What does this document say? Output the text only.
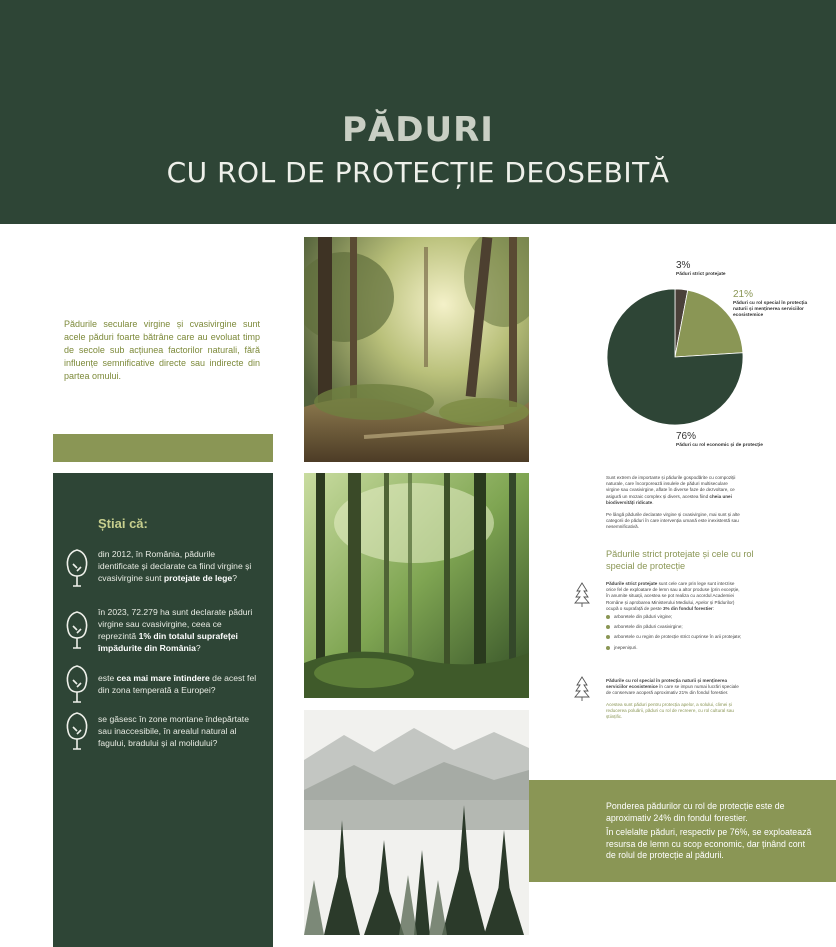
PĂDURI
CU ROL DE PROTECȚIE DEOSEBITĂ
Pădurile seculare virgine și cvasivirgine sunt acele păduri foarte bătrâne care au evoluat timp de secole sub acțiunea factorilor naturali, fără influențe semnificative directe sau indirecte din partea omului.
Știai că:
din 2012, în România, pădurile identificate și declarate ca fiind virgine și cvasivirgine sunt protejate de lege?
în 2023, 72.279 ha sunt declarate păduri virgine sau cvasivirgine, ceea ce reprezintă 1% din totalul suprafeței împădurite din România?
este cea mai mare întindere de acest fel din zona temperată a Europei?
se găsesc în zone montane îndepărtate sau inaccesibile, în arealul natural al fagului, bradului și al molidului?
3%
Păduri strict protejate
21%
Păduri cu rol special în protecția naturii și menținerea serviciilor ecosistemice
76%
Păduri cu rol economic și de protecție
Sunt extrem de importante și pădurile gospodărite cu compoziții naturale, care încorporează insulele de păduri multiseculare virgine sau cvasivirgine, aflate în diverse faze de dezvoltare, ce asigură un mozaic complex și divers, acestea fiind cheia unei biodiversități ridicate.
Pe lângă pădurile declarate virgine și cvasivirgine, mai sunt și alte categorii de păduri în care intervenția umană este inexistentă sau nesemnificativă.
Pădurile strict protejate și cele cu rol special de protecție
Pădurile strict protejate sunt cele care prin lege sunt interzise orice fel de exploatare de lemn sau a altor produse (prin excepție, în anumite situații, acestea se pot realiza cu acordul Academiei Române și aprobarea Ministerului Mediului, Apelor și Pădurilor) ocupă o suprafață de peste 3% din fondul forestier:
arboretele din păduri virgine;
arboretele din păduri cvasivirgine;
arboretele cu regim de protecție strict cuprinse în arii protejate;
jnepenișuri.
Pădurile cu rol special în protecția naturii și menținerea serviciilor ecosistemice în care se impun numai lucrări speciale de conservare acoperă aproximativ 21% din fondul forestier.
Acestea sunt păduri pentru protecția apelor, a solului, climei și reducerea poluării, păduri cu rol de recreere, cu rol cultural sau științific.
Ponderea pădurilor cu rol de protecție este de aproximativ 24% din fondul forestier.
În celelalte păduri, respectiv pe 76%, se exploatează resursa de lemn cu scop economic, dar ținând cont de rolul de protecție al pădurii.
